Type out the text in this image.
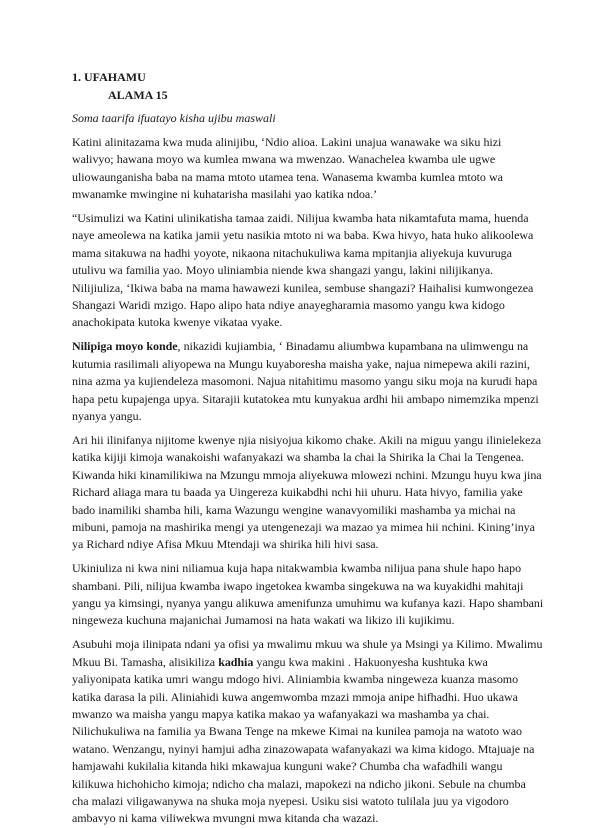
1. UFAHAMU
ALAMA 15

Soma taarifa ifuatayo kisha ujibu maswali

Katini alinitazama kwa muda alinijibu, ‘Ndio alioa. Lakini unajua wanawake wa siku hizi walivyo; hawana moyo wa kumlea mwana wa mwenzao. Wanachelea kwamba ule ugwe uliowaunganisha baba na mama mtoto utamea tena. Wanasema kwamba kumlea mtoto wa mwanamke mwingine ni kuhatarisha masilahi yao katika ndoa.’

“Usimulizi wa Katini ulinikatisha tamaa zaidi. Nilijua kwamba hata nikamtafuta mama, huenda naye ameolewa na katika jamii yetu nasikia mtoto ni wa baba. Kwa hivyo, hata huko alikoolewa mama sitakuwa na hadhi yoyote, nikaona nitachukuliwa kama mpitanjia aliyekuja kuvuruga utulivu wa familia yao. Moyo uliniambia niende kwa shangazi yangu, lakini nilijikanya. Nilijiuliza, ‘Ikiwa baba na mama hawawezi kunilea, sembuse shangazi? Haihalisi kumwongezea Shangazi Waridi mzigo. Hapo alipo hata ndiye anayegharamia masomo yangu kwa kidogo anachokipata kutoka kwenye vikataa vyake.

Nilipiga moyo konde, nikazidi kujiambia, ‘ Binadamu aliumbwa kupambana na ulimwengu na kutumia rasilimali aliyopewa na Mungu kuyaboresha maisha yake, najua nimepewa akili razini, nina azma ya kujiendeleza masomoni. Najua nitahitimu masomo yangu siku moja na kurudi hapa hapa petu kupajenga upya. Sitarajii kutatokea mtu kunyakua ardhi hii ambapo nimemzika mpenzi nyanya yangu.

Ari hii ilinifanya nijitome kwenye njia nisiyojua kikomo chake. Akili na miguu yangu ilinielekeza katika kijiji kimoja wanakoishi wafanyakazi wa shamba la chai la Shirika la Chai la Tengenea. Kiwanda hiki kinamilikiwa na Mzungu mmoja aliyekuwa mlowezi nchini. Mzungu huyu kwa jina Richard aliaga mara tu baada ya Uingereza kuikabdhi nchi hii uhuru. Hata hivyo, familia yake bado inamiliki shamba hili, kama Wazungu wengine wanavyomiliki mashamba ya michai na mibuni, pamoja na mashirika mengi ya utengenezaji wa mazao ya mimea hii nchini. Kining’inya ya Richard ndiye Afisa Mkuu Mtendaji wa shirika hili hivi sasa.

Ukiniuliza ni kwa nini niliamua kuja hapa nitakwambia kwamba nilijua pana shule hapo hapo shambani. Pili, nilijua kwamba iwapo ingetokea kwamba singekuwa na wa kuyakidhi mahitaji yangu ya kimsingi, nyanya yangu alikuwa amenifunza umuhimu wa kufanya kazi. Hapo shambani ningeweza kuchuna majanichai Jumamosi na hata wakati wa likizo ili kujikimu.

Asubuhi moja ilinipata ndani ya ofisi ya mwalimu mkuu wa shule ya Msingi ya Kilimo. Mwalimu Mkuu Bi. Tamasha, alisikiliza kadhia yangu kwa makini . Hakuonyesha kushtuka kwa yaliyonipata katika umri wangu mdogo hivi. Aliniambia kwamba ningeweza kuanza masomo katika darasa la pili. Aliniahidi kuwa angemwomba mzazi mmoja anipe hifhadhi. Huo ukawa mwanzo wa maisha yangu mapya katika makao ya wafanyakazi wa mashamba ya chai. Nilichukuliwa na familia ya Bwana Tenge na mkewe Kimai na kunilea pamoja na watoto wao watano. Wenzangu, nyinyi hamjui adha zinazowapata wafanyakazi wa kima kidogo. Mtajuaje na hamjawahi kukilalia kitanda hiki mkawajua kunguni wake? Chumba cha wafadhili wangu kilikuwa hichohicho kimoja; ndicho cha malazi, mapokezi na ndicho jikoni. Sebule na chumba cha malazi viligawanywa na shuka moja nyepesi. Usiku sisi watoto tulilala juu ya vigodoro ambavyo ni kama viliwekwa mvungni mwa kitanda cha wazazi.
